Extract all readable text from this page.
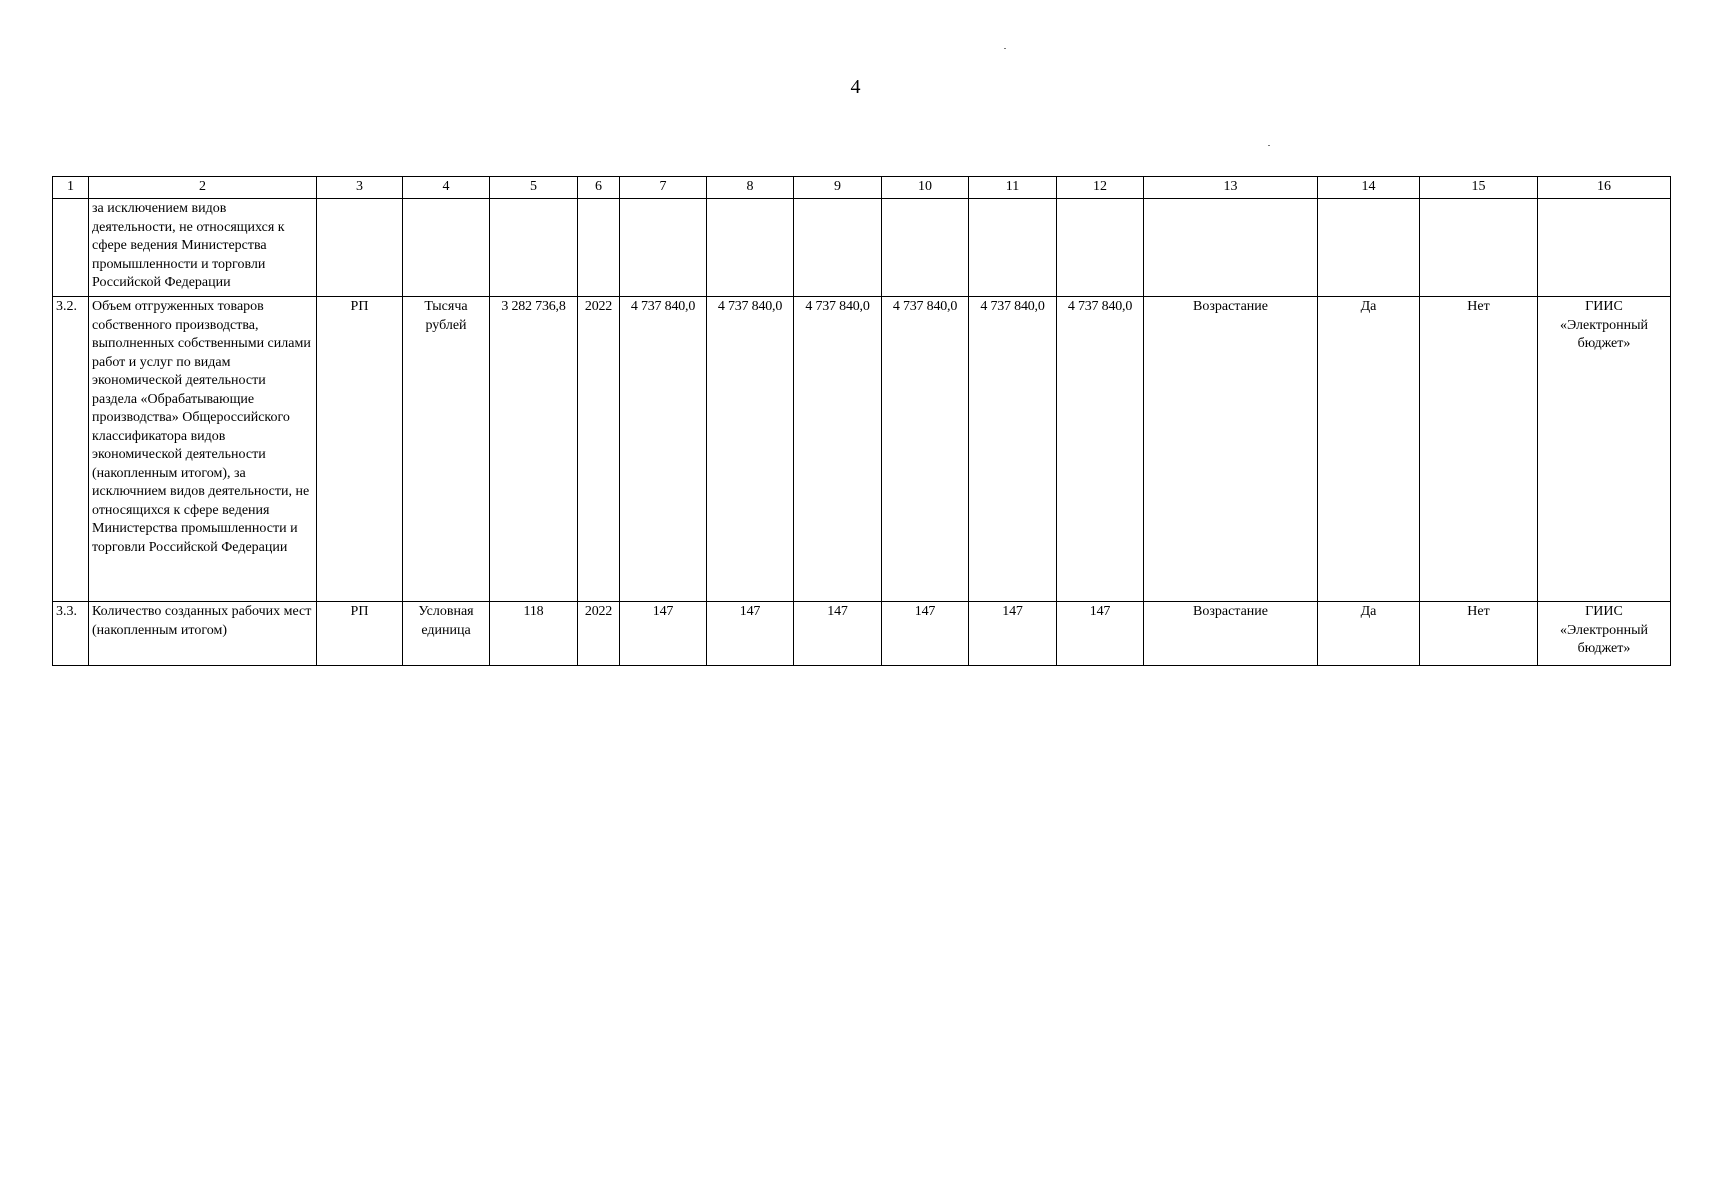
4
1	2	3	4	5	6	7	8	9	10	11	12	13	14	15	16
	за исключением видов деятельности, не относящихся к сфере ведения Министерства промышленности и торговли Российской Федерации														
3.2.	Объем отгруженных товаров собственного производства, выполненных собственными силами работ и услуг по видам экономической деятельности раздела «Обрабатывающие производства» Общероссийского классификатора видов экономической деятельности (накопленным итогом), за исключнием видов деятельности, не относящихся к сфере ведения Министерства промышленности и торговли Российской Федерации	РП	Тысяча рублей	3 282 736,8	2022	4 737 840,0	4 737 840,0	4 737 840,0	4 737 840,0	4 737 840,0	4 737 840,0	Возрастание	Да	Нет	ГИИС «Электронный бюджет»
3.3.	Количество созданных рабочих мест (накопленным итогом)	РП	Условная единица	118	2022	147	147	147	147	147	147	Возрастание	Да	Нет	ГИИС «Электронный бюджет»
